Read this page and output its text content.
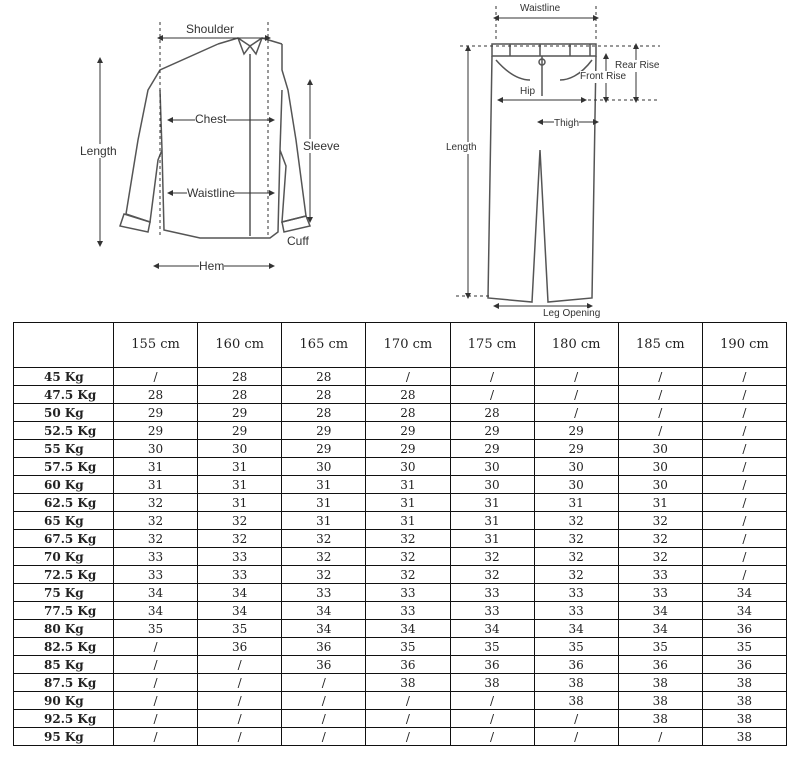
Shoulder
Chest
Length	Sleeve
Waistline
Cuff
Hem
Waistline
Rear Rise
Front Rise
Hip
Thigh
Length
Leg Opening
	155 cm	160 cm	165 cm	170 cm	175 cm	180 cm	185 cm	190 cm
45 Kg	/	28	28	/	/	/	/	/
47.5 Kg	28	28	28	28	/	/	/	/
50 Kg	29	29	28	28	28	/	/	/
52.5 Kg	29	29	29	29	29	29	/	/
55 Kg	30	30	29	29	29	29	30	/
57.5 Kg	31	31	30	30	30	30	30	/
60 Kg	31	31	31	31	30	30	30	/
62.5 Kg	32	31	31	31	31	31	31	/
65 Kg	32	32	31	31	31	32	32	/
67.5 Kg	32	32	32	32	31	32	32	/
70 Kg	33	33	32	32	32	32	32	/
72.5 Kg	33	33	32	32	32	32	33	/
75 Kg	34	34	33	33	33	33	33	34
77.5 Kg	34	34	34	33	33	33	34	34
80 Kg	35	35	34	34	34	34	34	36
82.5 Kg	/	36	36	35	35	35	35	35
85 Kg	/	/	36	36	36	36	36	36
87.5 Kg	/	/	/	38	38	38	38	38
90 Kg	/	/	/	/	/	38	38	38
92.5 Kg	/	/	/	/	/	/	38	38
95 Kg	/	/	/	/	/	/	/	38
